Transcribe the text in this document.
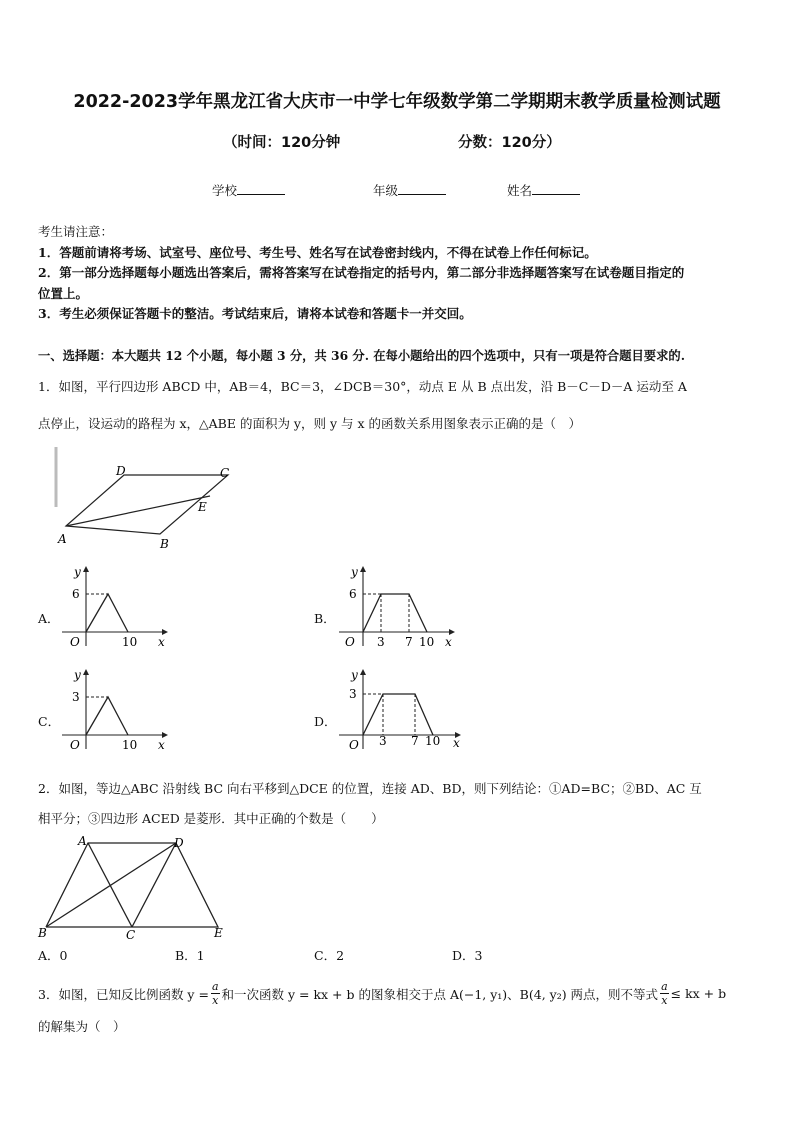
2022-2023学年黑龙江省大庆市一中学七年级数学第二学期期末教学质量检测试题
（时间：120分钟	分数：120分）
学校	年级	姓名
考生请注意：
1．答题前请将考场、试室号、座位号、考生号、姓名写在试卷密封线内，不得在试卷上作任何标记。
2．第一部分选择题每小题选出答案后，需将答案写在试卷指定的括号内，第二部分非选择题答案写在试卷题目指定的
位置上。
3．考生必须保证答题卡的整洁。考试结束后，请将本试卷和答题卡一并交回。
一、选择题：本大题共 12 个小题，每小题 3 分，共 36 分. 在每小题给出的四个选项中，只有一项是符合题目要求的.
1．如图，平行四边形 ABCD 中，AB＝4，BC＝3，∠DCB＝30°，动点 E 从 B 点出发，沿 B－C－D－A 运动至 A
点停止，设运动的路程为 x，△ABE 的面积为 y，则 y 与 x 的函数关系用图象表示正确的是（　）
A	B
C
D
E
A．	B．
C．	D．
6
10 x
y
O
6
3 7 10 x
y
O
3
10 x
y
O
3
3 7 10 x
y
O
2．如图，等边△ABC 沿射线 BC 向右平移到△DCE 的位置，连接 AD、BD，则下列结论：①AD=BC；②BD、AC 互
相平分；③四边形 ACED 是菱形．其中正确的个数是（　　）
A	D
B	C	E
A．0	B．1	C．2	D．3
3．如图，已知反比例函数 $y = \frac{a}{x}$ 和一次函数 y = kx + b 的图象相交于点 A(−1, y₁)、B(4, y₂) 两点，则不等式 $\frac{a}{x}$ ≤ kx + b
的解集为（　）
